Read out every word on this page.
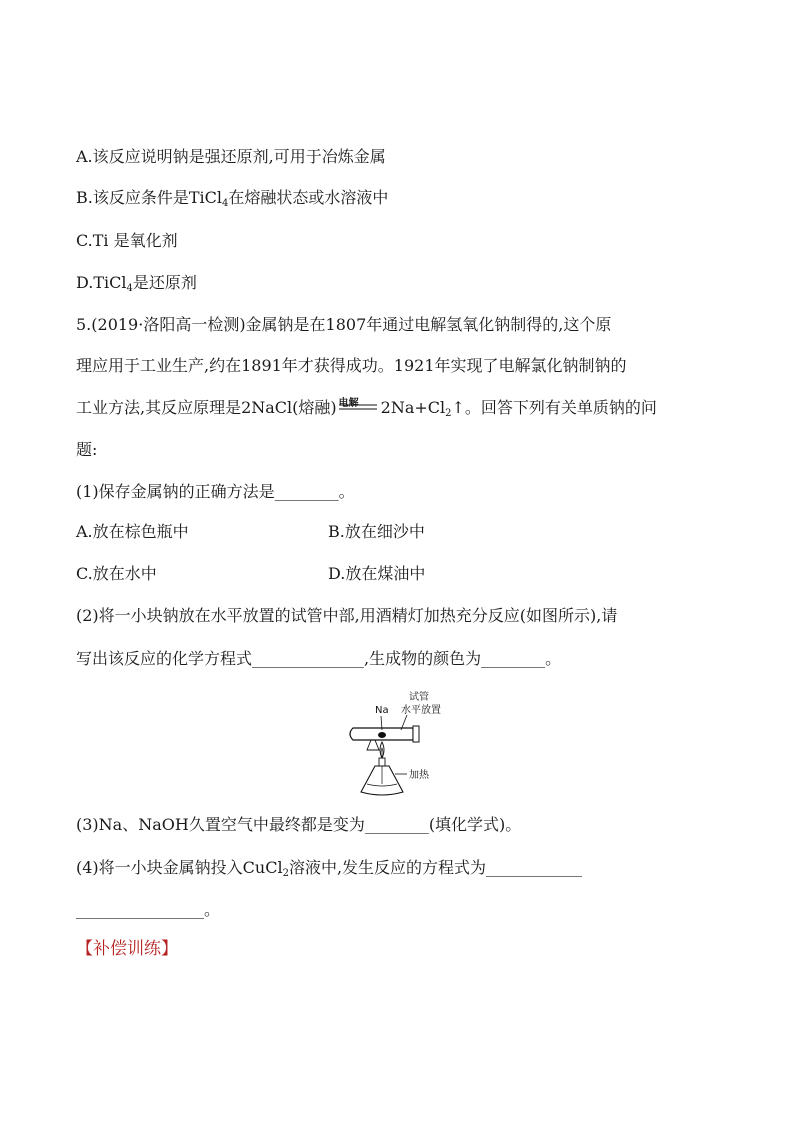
A.该反应说明钠是强还原剂,可用于冶炼金属
B.该反应条件是TiCl$_4$在熔融状态或水溶液中
C.Ti 是氧化剂
D.TiCl$_4$是还原剂
5.(2019·洛阳高一检测)金属钠是在1807年通过电解氢氧化钠制得的,这个原
理应用于工业生产,约在1891年才获得成功。1921年实现了电解氯化钠制钠的
工业方法,其反应原理是2NaCl(熔融) 电解 $2Na+Cl_2↑$。回答下列有关单质钠的问
题:
(1)保存金属钠的正确方法是________。
A.放在棕色瓶中	B.放在细沙中
C.放在水中	D.放在煤油中
(2)将一小块钠放在水平放置的试管中部,用酒精灯加热充分反应(如图所示),请
写出该反应的化学方程式______________,生成物的颜色为________。
试管
水平放置
Na
加热
(3)Na、NaOH久置空气中最终都是变为________(填化学式)。
(4)将一小块金属钠投入CuCl$_2$溶液中,发生反应的方程式为____________
________________。
【补偿训练】
